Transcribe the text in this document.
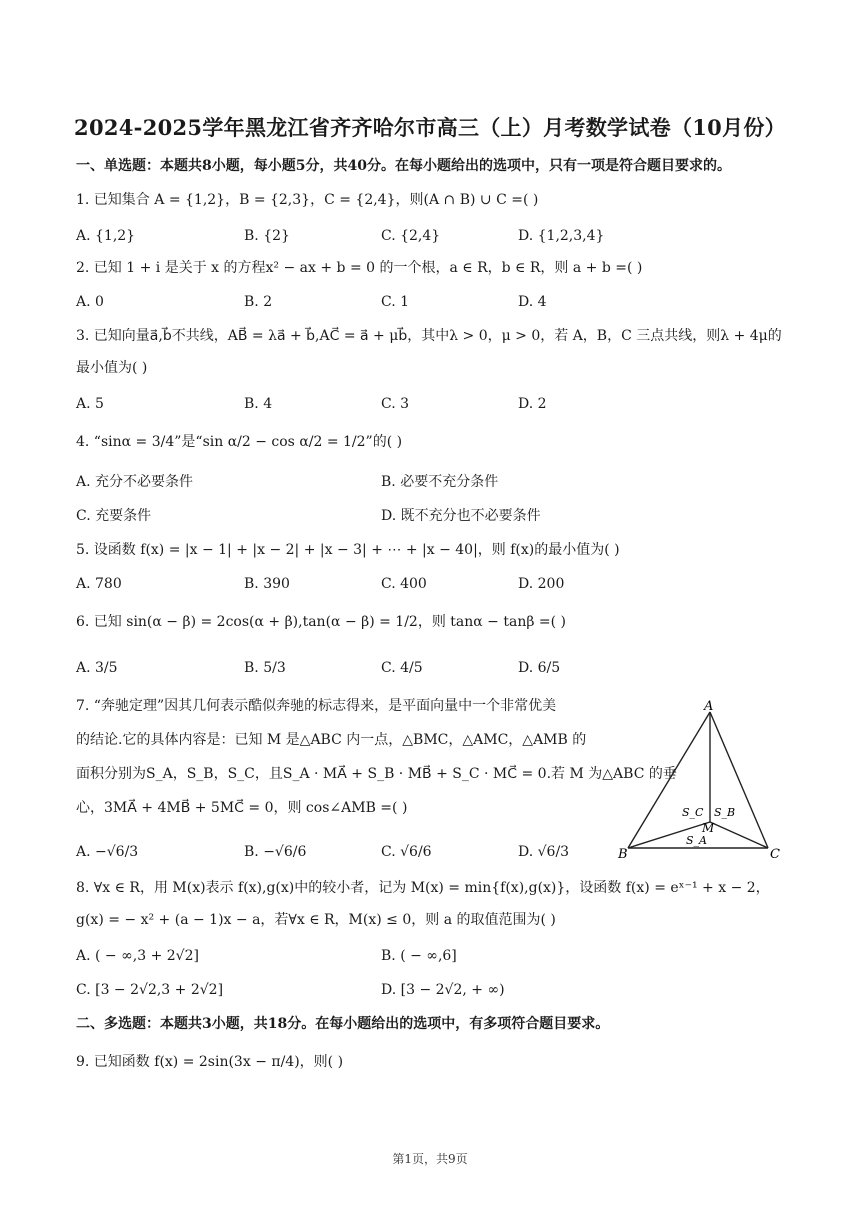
2024-2025学年黑龙江省齐齐哈尔市高三（上）月考数学试卷（10月份）
一、单选题：本题共8小题，每小题5分，共40分。在每小题给出的选项中，只有一项是符合题目要求的。
1. 已知集合 A = {1,2}，B = {2,3}，C = {2,4}，则(A ∩ B) ∪ C =( )
A. {1,2}	B. {2}	C. {2,4}	D. {1,2,3,4}
2. 已知 1 + i 是关于 x 的方程x² − ax + b = 0 的一个根，a ∈ R，b ∈ R，则 a + b =( )
A. 0	B. 2	C. 1	D. 4
3. 已知向量a⃗,b⃗不共线，AB⃗ = λa⃗ + b⃗,AC⃗ = a⃗ + μb⃗，其中λ > 0，μ > 0，若 A，B，C 三点共线，则λ + 4μ的
最小值为( )
A. 5	B. 4	C. 3	D. 2
4. “sinα = 3/4”是“sin α/2 − cos α/2 = 1/2”的( )
A. 充分不必要条件	B. 必要不充分条件
C. 充要条件	D. 既不充分也不必要条件
5. 设函数 f(x) = |x − 1| + |x − 2| + |x − 3| + ⋯ + |x − 40|，则 f(x)的最小值为( )
A. 780	B. 390	C. 400	D. 200
6. 已知 sin(α − β) = 2cos(α + β),tan(α − β) = 1/2，则 tanα − tanβ =( )
A. 3/5	B. 5/3	C. 4/5	D. 6/5
7. “奔驰定理”因其几何表示酷似奔驰的标志得来，是平面向量中一个非常优美
的结论.它的具体内容是：已知 M 是△ABC 内一点，△BMC，△AMC，△AMB 的
面积分别为S_A，S_B，S_C，且S_A · MA⃗ + S_B · MB⃗ + S_C · MC⃗ = 0.若 M 为△ABC 的垂
心，3MA⃗ + 4MB⃗ + 5MC⃗ = 0，则 cos∠AMB =( )
A. −√6/3	B. −√6/6	C. √6/6	D. √6/3
A
B	C
M
S_C S_B
S_A
8. ∀x ∈ R，用 M(x)表示 f(x),g(x)中的较小者，记为 M(x) = min{f(x),g(x)}，设函数 f(x) = eˣ⁻¹ + x − 2，
g(x) = − x² + (a − 1)x − a，若∀x ∈ R，M(x) ≤ 0，则 a 的取值范围为( )
A. ( − ∞,3 + 2√2]	B. ( − ∞,6]
C. [3 − 2√2,3 + 2√2]	D. [3 − 2√2, + ∞)
二、多选题：本题共3小题，共18分。在每小题给出的选项中，有多项符合题目要求。
9. 已知函数 f(x) = 2sin(3x − π/4)，则( )
第1页，共9页
